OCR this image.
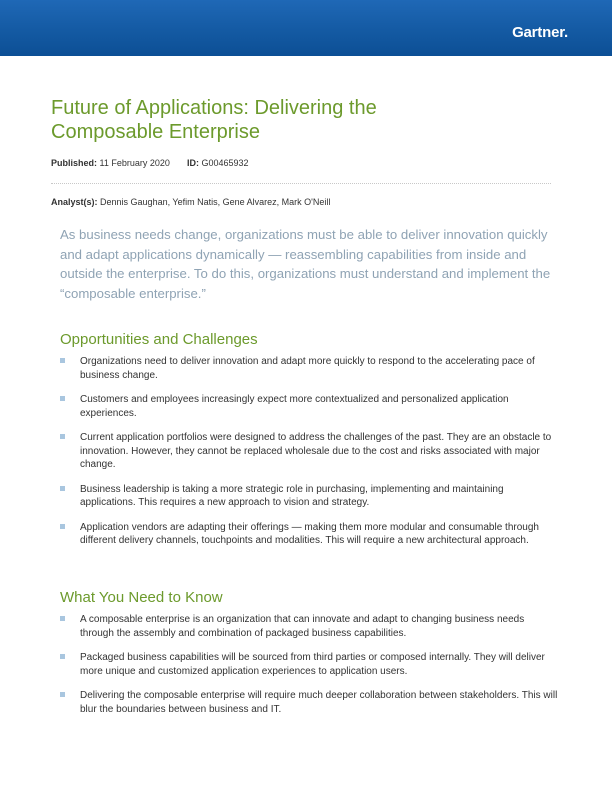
Gartner.
Future of Applications: Delivering the Composable Enterprise
Published: 11 February 2020 ID: G00465932
Analyst(s): Dennis Gaughan, Yefim Natis, Gene Alvarez, Mark O'Neill

As business needs change, organizations must be able to deliver innovation quickly and adapt applications dynamically — reassembling capabilities from inside and outside the enterprise. To do this, organizations must understand and implement the “composable enterprise.”

Opportunities and Challenges
Organizations need to deliver innovation and adapt more quickly to respond to the accelerating pace of business change.
Customers and employees increasingly expect more contextualized and personalized application experiences.
Current application portfolios were designed to address the challenges of the past. They are an obstacle to innovation. However, they cannot be replaced wholesale due to the cost and risks associated with major change.
Business leadership is taking a more strategic role in purchasing, implementing and maintaining applications. This requires a new approach to vision and strategy.
Application vendors are adapting their offerings — making them more modular and consumable through different delivery channels, touchpoints and modalities. This will require a new architectural approach.
What You Need to Know
A composable enterprise is an organization that can innovate and adapt to changing business needs through the assembly and combination of packaged business capabilities.
Packaged business capabilities will be sourced from third parties or composed internally. They will deliver more unique and customized application experiences to application users.
Delivering the composable enterprise will require much deeper collaboration between stakeholders. This will blur the boundaries between business and IT.
